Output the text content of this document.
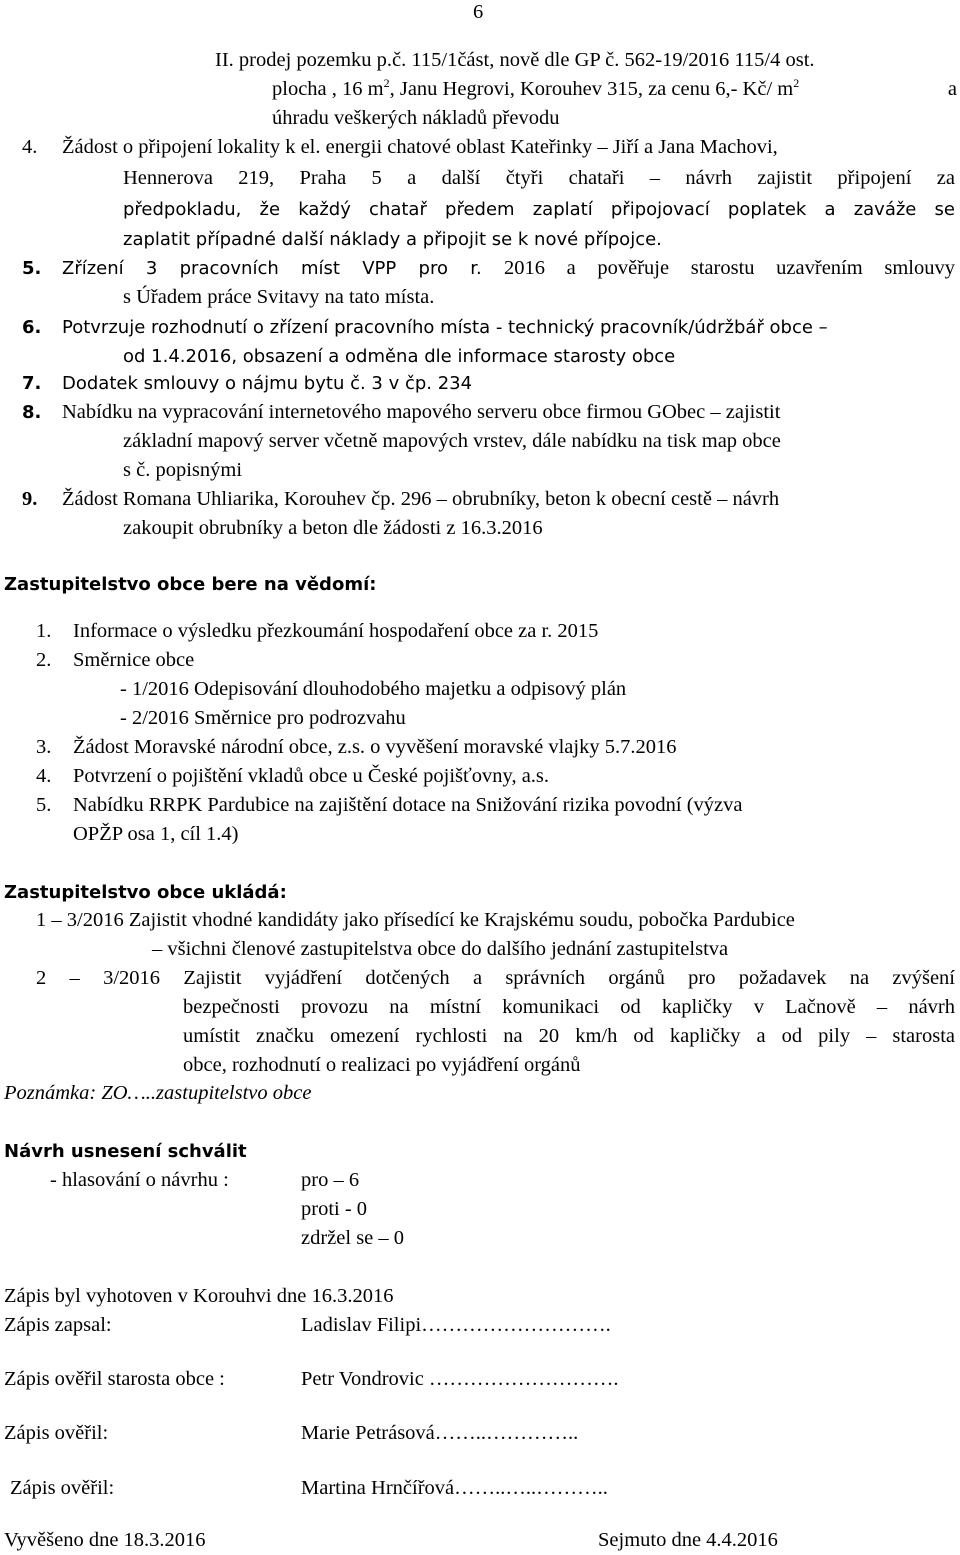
6
II. prodej pozemku p.č. 115/1část, nově dle GP č. 562-19/2016 115/4 ost.
plocha , 16 $m^2$, Janu Hegrovi, Korouhev 315, za cenu 6,- Kč/ $m^2$	a
úhradu veškerých nákladů převodu
4. Žádost o připojení lokality k el. energii chatové oblast Kateřinky – Jiří a Jana Machovi,
Hennerova 219, Praha 5 a další čtyři chataři – návrh zajistit připojení za
předpokladu, že každý chatař předem zaplatí připojovací poplatek a zaváže se
zaplatit případné další náklady a připojit se k nové přípojce.
5. Zřízení 3 pracovních míst VPP pro r. 2016 a pověřuje starostu uzavřením smlouvy
s Úřadem práce Svitavy na tato místa.
6. Potvrzuje rozhodnutí o zřízení pracovního místa - technický pracovník/údržbář obce –
od 1.4.2016, obsazení a odměna dle informace starosty obce
7. Dodatek smlouvy o nájmu bytu č. 3 v čp. 234
8. Nabídku na vypracování internetového mapového serveru obce firmou GObec – zajistit
základní mapový server včetně mapových vrstev, dále nabídku na tisk map obce
s č. popisnými
9. Žádost Romana Uhliarika, Korouhev čp. 296 – obrubníky, beton k obecní cestě – návrh
zakoupit obrubníky a beton dle žádosti z 16.3.2016
Zastupitelstvo obce bere na vědomí:
1. Informace o výsledku přezkoumání hospodaření obce za r. 2015
2. Směrnice obce
- 1/2016 Odepisování dlouhodobého majetku a odpisový plán
- 2/2016 Směrnice pro podrozvahu
3. Žádost Moravské národní obce, z.s. o vyvěšení moravské vlajky 5.7.2016
4. Potvrzení o pojištění vkladů obce u České pojišťovny, a.s.
5. Nabídku RRPK Pardubice na zajištění dotace na Snižování rizika povodní (výzva
OPŽP osa 1, cíl 1.4)
Zastupitelstvo obce ukládá:
1 – 3/2016 Zajistit vhodné kandidáty jako přísedící ke Krajskému soudu, pobočka Pardubice
– všichni členové zastupitelstva obce do dalšího jednání zastupitelstva
2 – 3/2016 Zajistit vyjádření dotčených a správních orgánů pro požadavek na zvýšení
bezpečnosti provozu na místní komunikaci od kapličky v Lačnově – návrh
umístit značku omezení rychlosti na 20 km/h od kapličky a od pily – starosta
obce, rozhodnutí o realizaci po vyjádření orgánů
Poznámka: ZO…..zastupitelstvo obce
Návrh usnesení schválit
- hlasování o návrhu :	pro – 6
proti - 0
zdržel se – 0
Zápis byl vyhotoven v Korouhvi dne 16.3.2016
Zápis zapsal:	Ladislav Filipi……………………….
Zápis ověřil starosta obce :	Petr Vondrovic ……………………….
Zápis ověřil:	Marie Petrásová……..…………..
Zápis ověřil:	Martina Hrnčířová……..…..………..
Vyvěšeno dne 18.3.2016	Sejmuto dne 4.4.2016
